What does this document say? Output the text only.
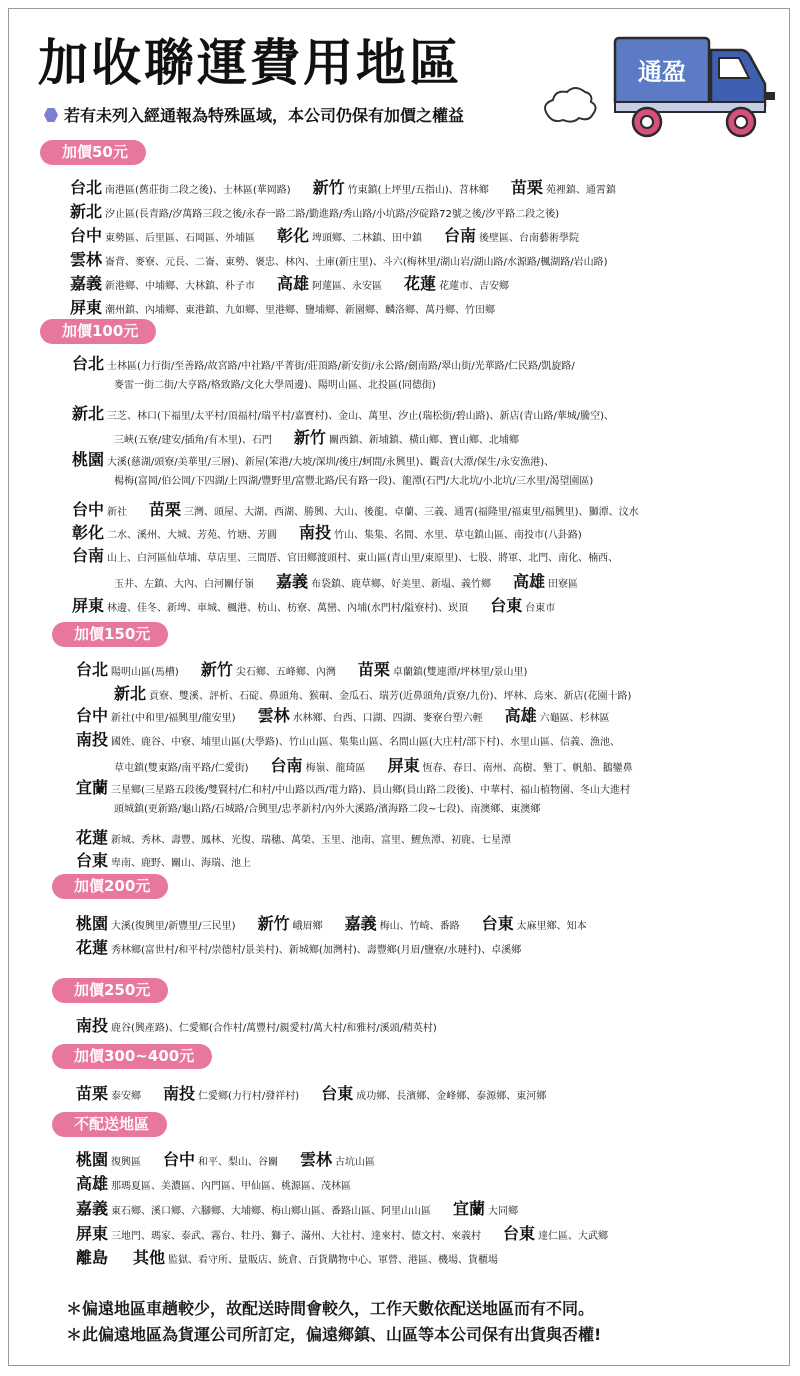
加收聯運費用地區
若有未列入經通報為特殊區域，本公司仍保有加價之權益
通盈
加價50元
台北 南港區(舊莊街二段之後)、士林區(華岡路) 新竹 竹東鎮(上坪里/五指山)、苕林鄉 苗栗 苑裡鎮、通霄鎮
新北 汐止區(長青路/汐萬路三段之後/永春一路二路/勤進路/秀山路/小坑路/汐碇路72號之後/汐平路二段之後)
台中 東勢區、后里區、石岡區、外埔區 彰化 埤頭鄉、二林鎮、田中鎮 台南 後壁區、台南藝術學院
雲林 崙背、麥寮、元長、二崙、東勢、褒忠、林內、土庫(新庄里)、斗六(梅林里/湖山岩/湖山路/水源路/楓湖路/岩山路)
嘉義 新港鄉、中埔鄉、大林鎮、朴子市 高雄 阿蓮區、永安區 花蓮 花蓮市、吉安鄉
屏東 潮州鎮、內埔鄉、東港鎮、九如鄉、里港鄉、鹽埔鄉、新園鄉、麟洛鄉、萬丹鄉、竹田鄉
加價100元
台北 士林區(力行街/至善路/故宮路/中社路/平菁街/莊頂路/新安街/永公路/劍南路/翠山街/光華路/仁民路/凱旋路/
麥雷一街二街/大亨路/格致路/文化大學周邊)、陽明山區、北投區(同德街)
新北 三芝、林口(下福里/太平村/頂福村/瑞平村/嘉寶村)、金山、萬里、汐止(瑞松街/碧山路)、新店(青山路/華城/騰空)、
三峽(五寮/建安/插角/有木里)、石門 新竹 關西鎮、新埔鎮、橫山鄉、寶山鄉、北埔鄉
桃園 大溪(慈湖/頭寮/美華里/三層)、新屋(笨港/大坡/深圳/後庄/蚵間/永興里)、觀音(大潭/保生/永安漁港)、
楊梅(富岡/伯公岡/下四湖/上四湖/豐野里/富豐北路/民有路一段)、龍潭(石門/大北坑/小北坑/三水里/渴望園區)
台中 新社 苗栗 三灣、頭屋、大湖、西湖、勝興、大山、後龍、卓蘭、三義、通霄(福隆里/福東里/福興里)、獅潭、汶水
彰化 二水、溪州、大城、芳苑、竹塘、芳圓 南投 竹山、集集、名間、水里、草屯鎮山區、南投市(八卦路)
台南 山上、白河區仙草埔、草店里、三間厝、官田鄉渡頭村、東山區(青山里/東原里)、七股、將軍、北門、南化、楠西、
玉井、左鎮、大內、白河關仔嶺 嘉義 布袋鎮、鹿草鄉、好美里、新塭、義竹鄉 高雄 田寮區
屏東 林邊、佳冬、新埤、車城、楓港、枋山、枋寮、萬巒、內埔(水門村/隘寮村)、崁頂 台東 台東市
加價150元
台北 陽明山區(馬槽) 新竹 尖石鄉、五峰鄉、內灣 苗栗 卓蘭鎮(雙連潭/坪林里/景山里)
新北 貢寮、雙溪、評析、石碇、鼻頭角、猴硐、金瓜石、瑞芳(近鼻頭角/貢寮/九份)、坪林、烏來、新店(花園十路)
台中 新社(中和里/福興里/龍安里) 雲林 水林鄉、台西、口湖、四湖、麥寮台塑六輕 高雄 六龜區、杉林區
南投 國姓、鹿谷、中寮、埔里山區(大學路)、竹山山區、集集山區、名間山區(大庄村/部下村)、水里山區、信義、漁池、
草屯鎮(雙東路/南平路/仁愛街) 台南 梅嶺、龍琦區 屏東 恆春、春日、南州、高樹、墾丁、帆船、鵝鑾鼻
宜蘭 三星鄉(三星路五段後/雙賢村/仁和村/中山路以西/電力路)、員山鄉(員山路二段後)、中華村、福山植物園、冬山大進村
頭城鎮(更新路/龜山路/石城路/合興里/忠孝新村/內外大溪路/濱海路二段~七段)、南澳鄉、東澳鄉
花蓮 新城、秀林、壽豐、鳳林、光復、瑞穗、萬榮、玉里、池南、富里、鯉魚潭、初鹿、七星潭
台東 卑南、鹿野、關山、海瑞、池上
加價200元
桃園 大溪(復興里/新豐里/三民里) 新竹 峨眉鄉 嘉義 梅山、竹崎、番路 台東 太麻里鄉、知本
花蓮 秀林鄉(富世村/和平村/崇德村/景美村)、新城鄉(加灣村)、壽豐鄉(月眉/鹽寮/水璉村)、卓溪鄉
加價250元
南投 鹿谷(興產路)、仁愛鄉(合作村/萬豐村/親愛村/萬大村/和雅村/溪頭/精英村)
加價300~400元
苗栗 泰安鄉 南投 仁愛鄉(力行村/發祥村) 台東 成功鄉、長濱鄉、金峰鄉、泰源鄉、東河鄉
不配送地區
桃園 復興區 台中 和平、梨山、谷關 雲林 古坑山區
高雄 那瑪夏區、美濃區、內門區、甲仙區、桃源區、茂林區
嘉義 東石鄉、溪口鄉、六腳鄉、大埔鄉、梅山鄉山區、番路山區、阿里山山區 宜蘭 大同鄉
屏東 三地門、瑪家、泰武、霧台、牡丹、獅子、滿州、大社村、達來村、德文村、來義村 台東 達仁區、大武鄉
離島 其他 監獄、看守所、量販店、統倉、百貨購物中心、軍營、港區、機場、貨櫃場
＊偏遠地區車趟較少，故配送時間會較久，工作天數依配送地區而有不同。
＊此偏遠地區為貨運公司所訂定，偏遠鄉鎮、山區等本公司保有出貨與否權!
